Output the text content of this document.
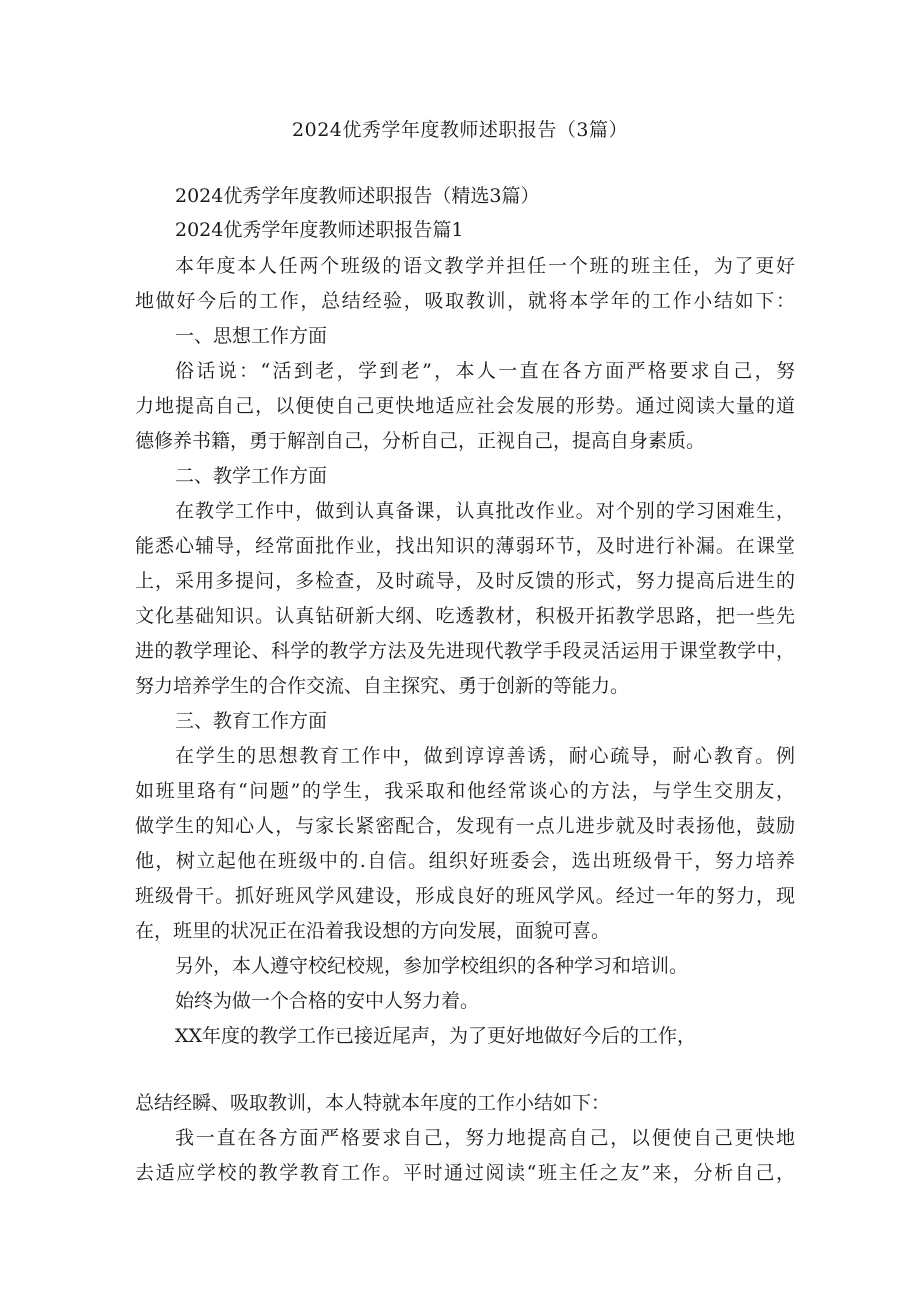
2024优秀学年度教师述职报告（3篇）
2024优秀学年度教师述职报告（精选3篇）
2024优秀学年度教师述职报告篇1
本年度本人任两个班级的语文教学并担任一个班的班主任，为了更好
地做好今后的工作，总结经验，吸取教训，就将本学年的工作小结如下：
一、思想工作方面
俗话说：“活到老，学到老”，本人一直在各方面严格要求自己，努
力地提高自己，以便使自己更快地适应社会发展的形势。通过阅读大量的道
德修养书籍，勇于解剖自己，分析自己，正视自己，提高自身素质。
二、教学工作方面
在教学工作中，做到认真备课，认真批改作业。对个别的学习困难生，
能悉心辅导，经常面批作业，找出知识的薄弱环节，及时进行补漏。在课堂
上，采用多提问，多检查，及时疏导，及时反馈的形式，努力提高后进生的
文化基础知识。认真钻研新大纲、吃透教材，积极开拓教学思路，把一些先
进的教学理论、科学的教学方法及先进现代教学手段灵活运用于课堂教学中，
努力培养学生的合作交流、自主探究、勇于创新的等能力。
三、教育工作方面
在学生的思想教育工作中，做到谆谆善诱，耐心疏导，耐心教育。例
如班里珞有“问题”的学生，我采取和他经常谈心的方法，与学生交朋友，
做学生的知心人，与家长紧密配合，发现有一点儿进步就及时表扬他，鼓励
他，树立起他在班级中的.自信。组织好班委会，选出班级骨干，努力培养
班级骨干。抓好班风学风建设，形成良好的班风学风。经过一年的努力，现
在，班里的状况正在沿着我设想的方向发展，面貌可喜。
另外，本人遵守校纪校规，参加学校组织的各种学习和培训。
始终为做一个合格的安中人努力着。
XX年度的教学工作已接近尾声，为了更好地做好今后的工作，
总结经瞬、吸取教训，本人特就本年度的工作小结如下：
我一直在各方面严格要求自己，努力地提高自己，以便使自己更快地
去适应学校的教学教育工作。平时通过阅读“班主任之友”来，分析自己，
